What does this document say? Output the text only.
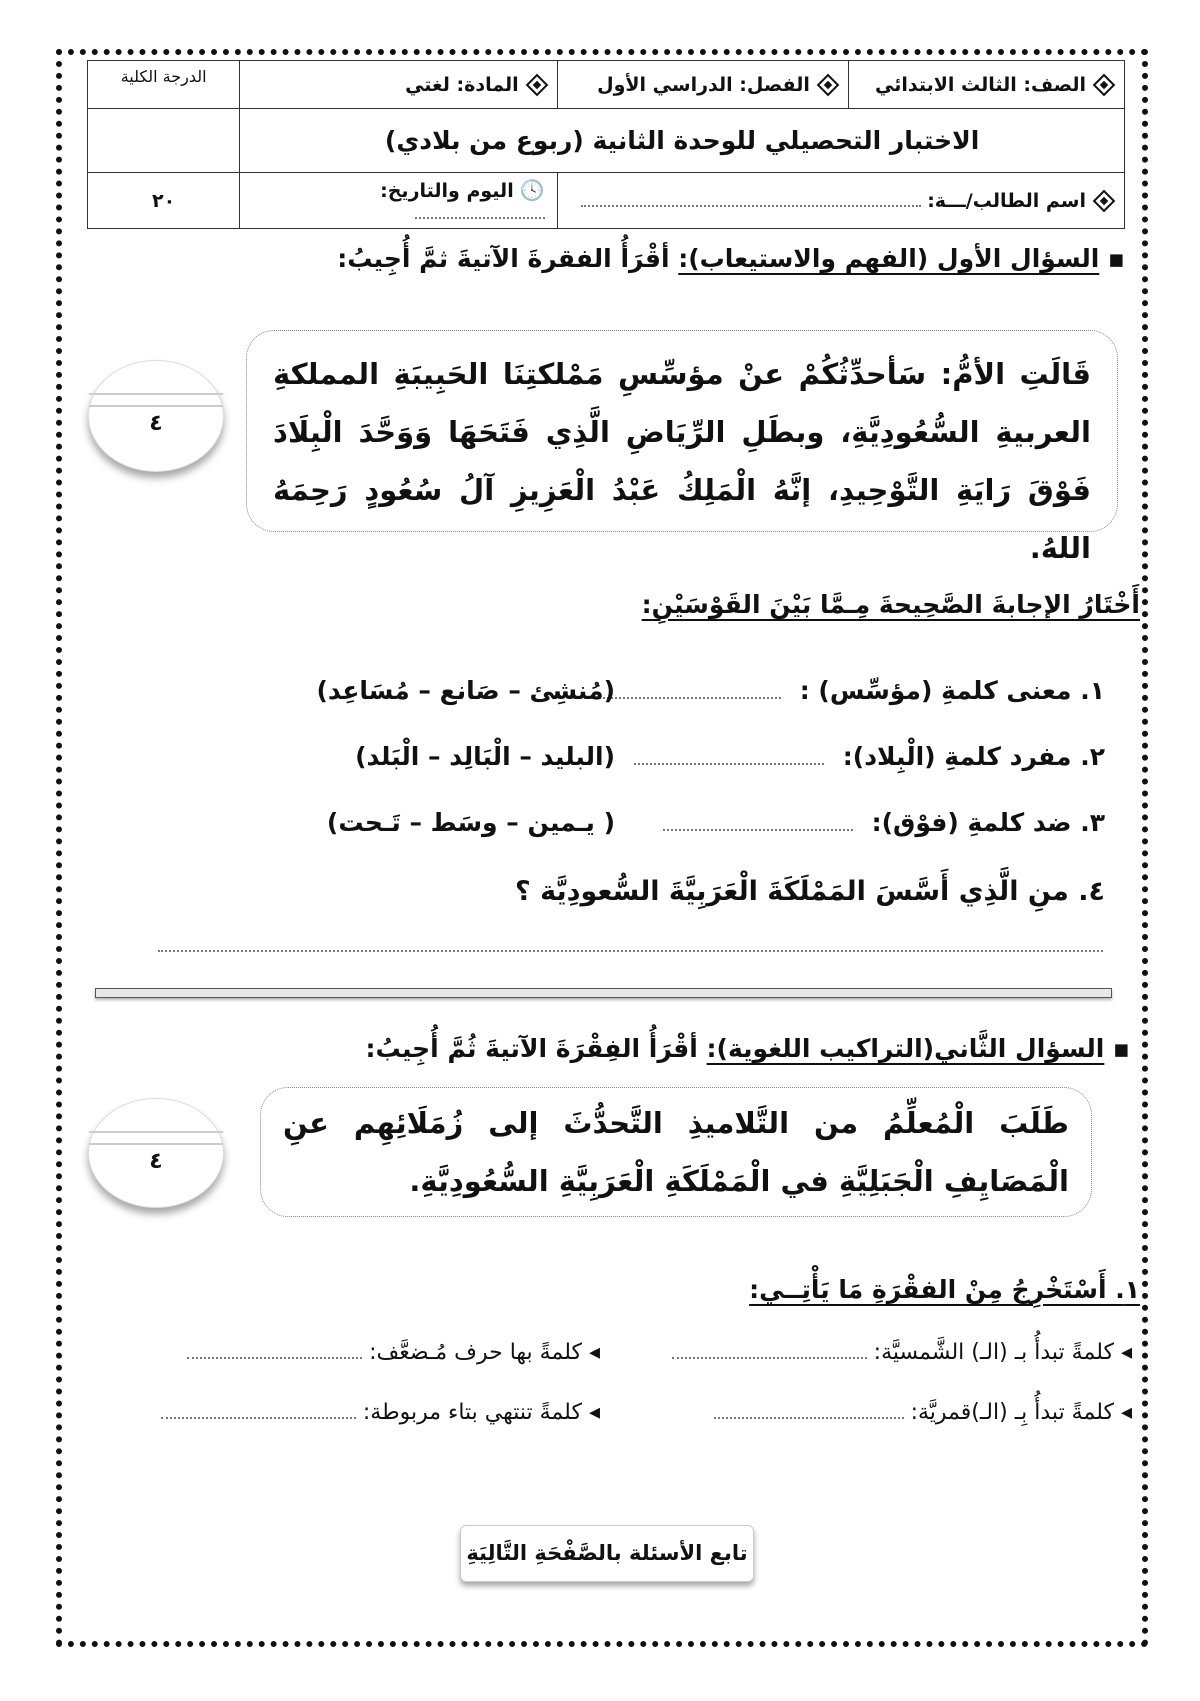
الصف: الثالث الابتدائي	الفصل: الدراسي الأول	المادة: لغتي	الدرجة الكلية
الاختبار التحصيلي للوحدة الثانية (ربوع من بلادي)			
اسم الطالب/ـــة:		🕓اليوم والتاريخ:	٢٠
▪ السؤال الأول (الفهم والاستيعاب): أقْرَأُ الفقرةَ الآتيةَ ثمَّ أُجِيبُ:
٤
قَالَتِ الأمُّ: سَأحدِّثُكُمْ عنْ مؤسِّسِ مَمْلكتِنَا الحَبِيبَةِ المملكةِ العربيةِ السُّعُودِيَّةِ، وبطَلِ الرِّيَاضِ الَّذِي فَتَحَهَا وَوَحَّدَ الْبِلَادَ فَوْقَ رَايَةِ التَّوْحِيدِ، إنَّهُ الْمَلِكُ عَبْدُ الْعَزِيزِ آلُ سُعُودٍ رَحِمَهُ اللهُ.
أَخْتَارُ الإجابةَ الصَّحِيحةَ مِـمَّا بَيْنَ القَوْسَيْنِ:
١. معنى كلمةِ (مؤسِّس) :
(مُنشِئ – صَانع – مُسَاعِد)
٢. مفرد كلمةِ (الْبِلاد):
(البليد – الْبَالِد – الْبَلد)
٣. ضد كلمةِ (فوْق):
( يـمين – وسَط – تَـحت)
٤. منِ الَّذِي أَسَّسَ المَمْلَكَةَ الْعَرَبِيَّةَ السُّعودِيَّة ؟
▪ السؤال الثَّاني(التراكيب اللغوية): أقْرَأُ الفِقْرَةَ الآتيةَ ثُمَّ أُجِيبُ:
٤
طَلَبَ الْمُعلِّمُ من التَّلاميذِ التَّحدُّثَ إلى زُمَلَائِهِم عنِ الْمَصَايِفِ الْجَبَلِيَّةِ في الْمَمْلَكَةِ الْعَرَبِيَّةِ السُّعُودِيَّةِ.
١. أَسْتَخْرِجُ مِنْ الفقْرَةِ مَا يَأْتِــي:
◂ كلمةً تبدأُ بـ (الـ) الشَّمسيَّة:
◂ كلمةً بها حرف مُـضعَّف:
◂ كلمةً تبدأُ بِـ (الـ)قمريَّة:
◂ كلمةً تنتهي بتاء مربوطة:
تابع الأسئلة بالصَّفْحَةِ التَّالِيَةِ
